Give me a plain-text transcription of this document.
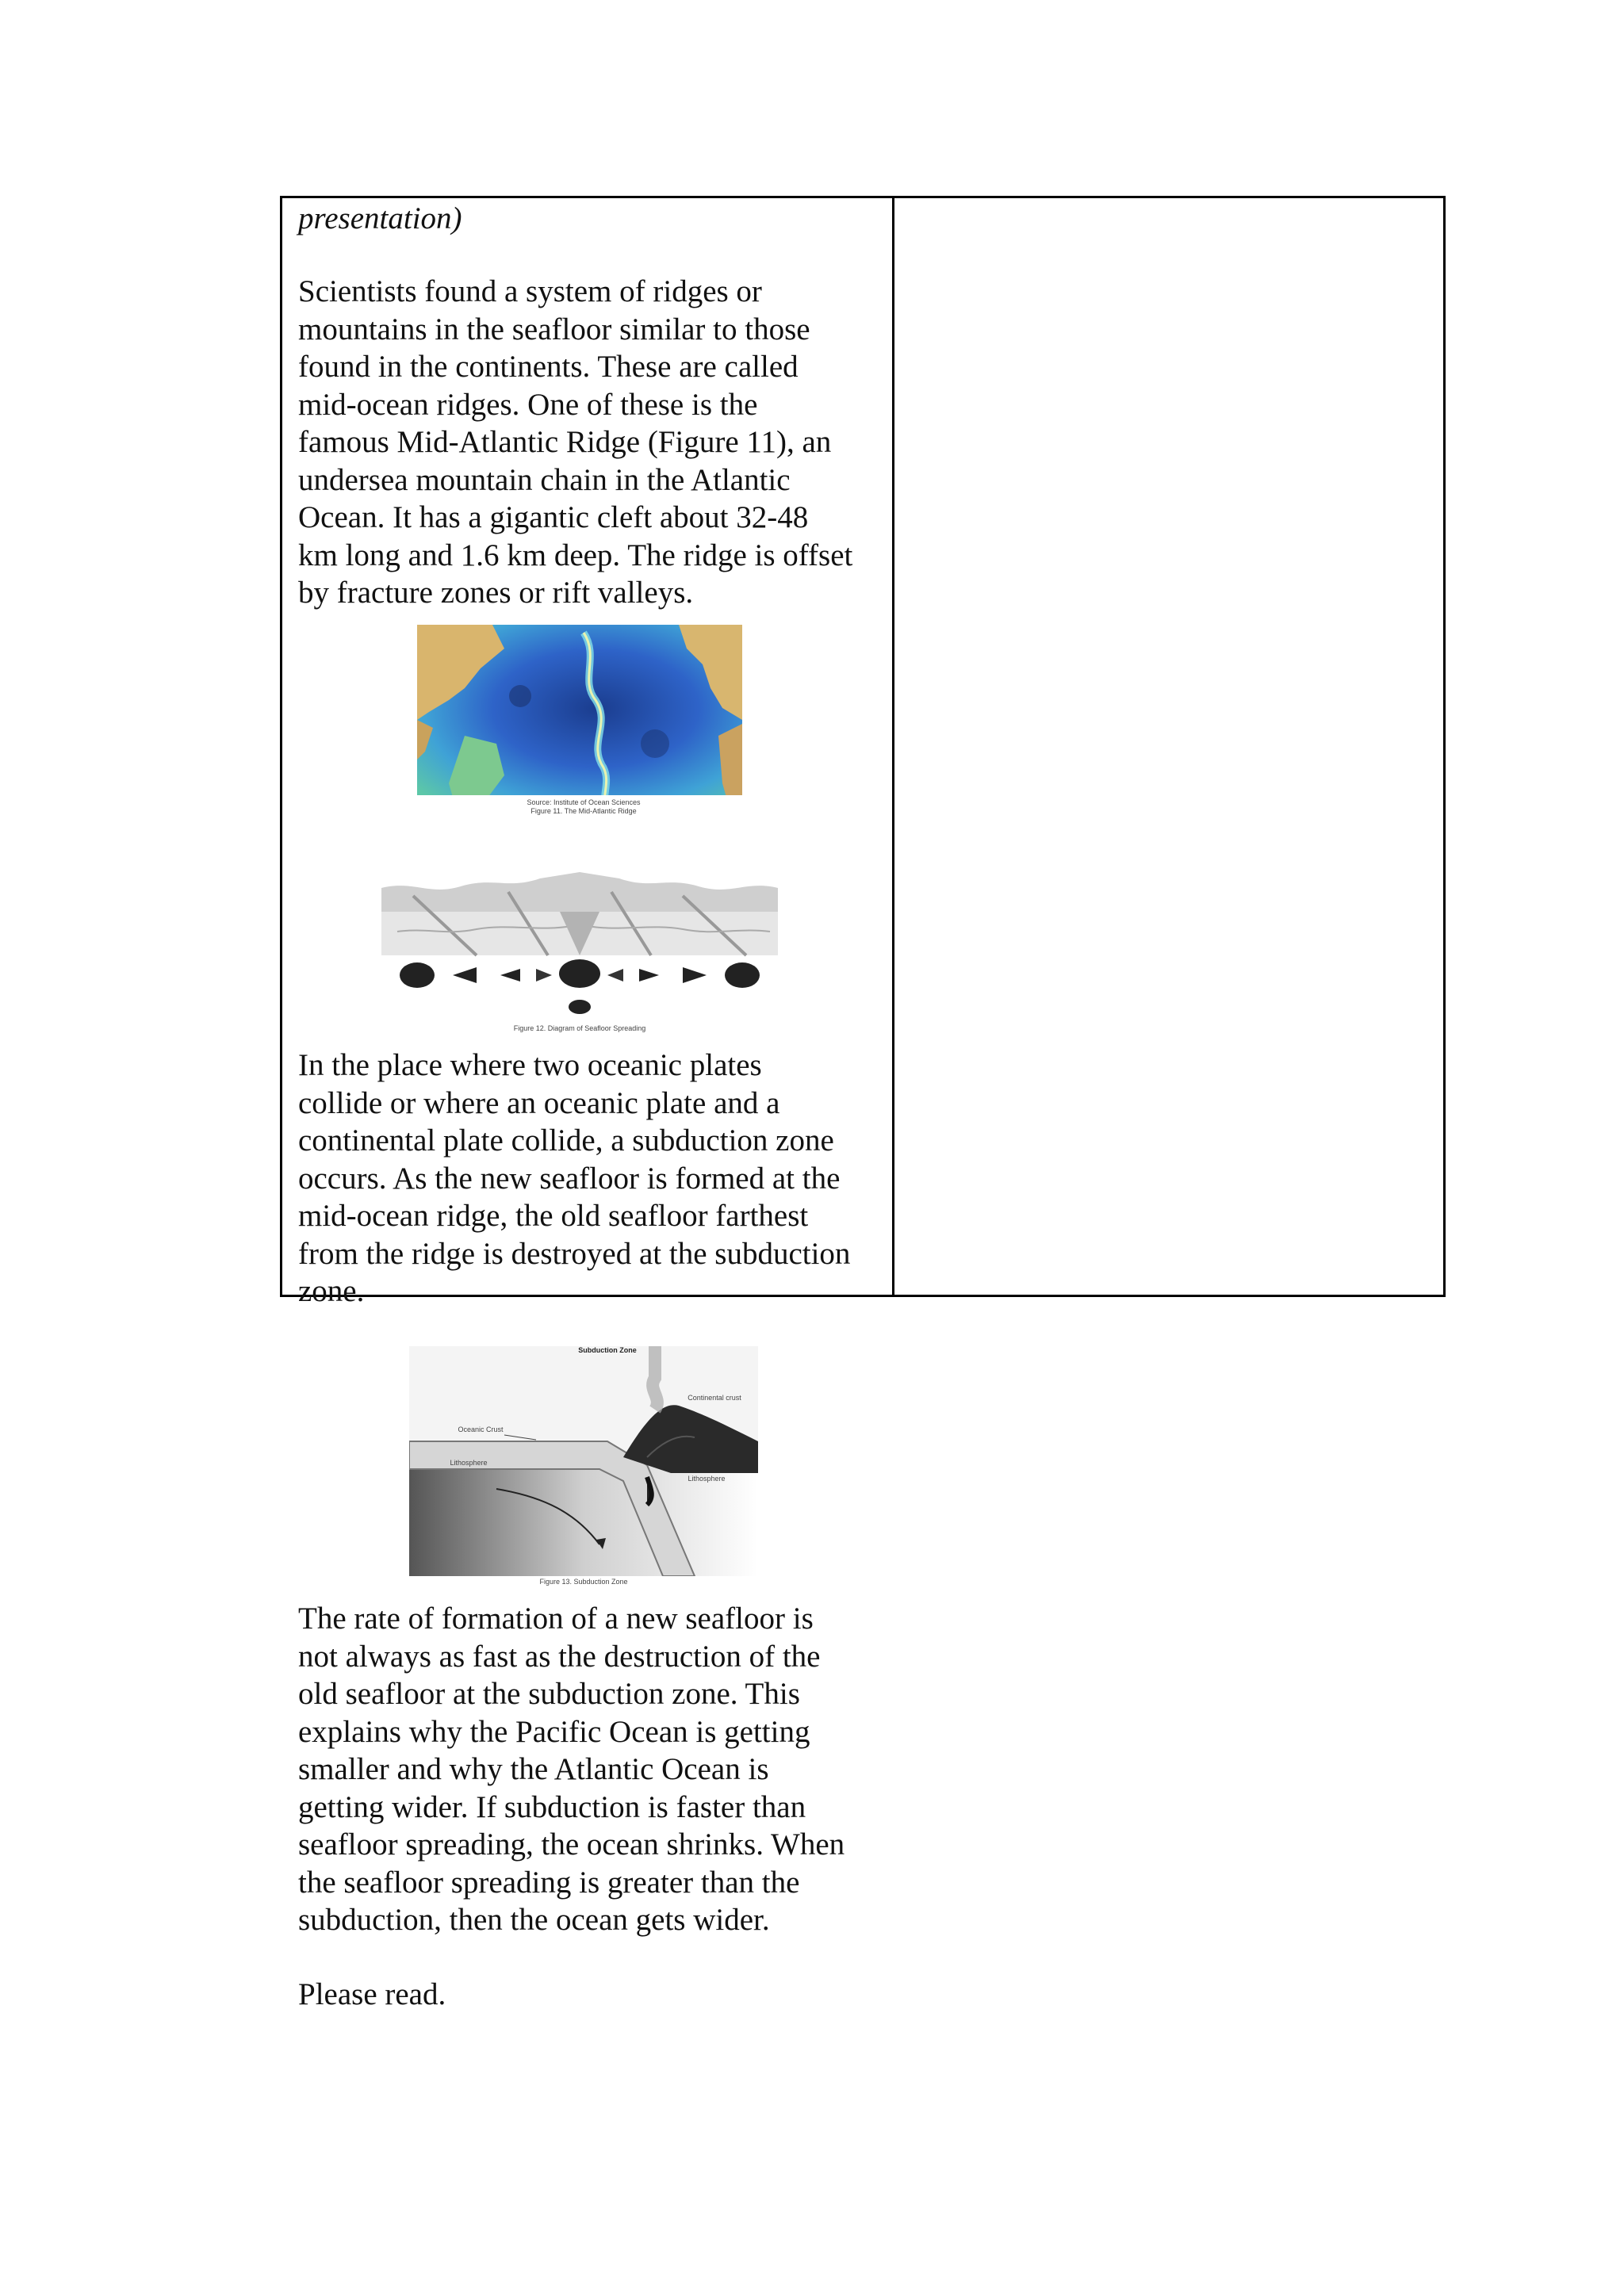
presentation)

Scientists found a system of ridges or mountains in the seafloor similar to those found in the continents. These are called mid-ocean ridges. One of these is the famous Mid-Atlantic Ridge (Figure 11), an undersea mountain chain in the Atlantic Ocean. It has a gigantic cleft about 32-48 km long and 1.6 km deep. The ridge is offset by fracture zones or rift valleys.

Source: Institute of Ocean Sciences
Figure 11. The Mid-Atlantic Ridge
Figure 12. Diagram of Seafloor Spreading

In the place where two oceanic plates collide or where an oceanic plate and a continental plate collide, a subduction zone occurs. As the new seafloor is formed at the mid-ocean ridge, the old seafloor farthest from the ridge is destroyed at the subduction zone.

Subduction Zone
Oceanic Crust
Continental crust
Lithosphere
Lithosphere
Figure 13. Subduction Zone

The rate of formation of a new seafloor is not always as fast as the destruction of the old seafloor at the subduction zone. This explains why the Pacific Ocean is getting smaller and why the Atlantic Ocean is getting wider. If subduction is faster than seafloor spreading, the ocean shrinks. When the seafloor spreading is greater than the subduction, then the ocean gets wider.

Please read.
